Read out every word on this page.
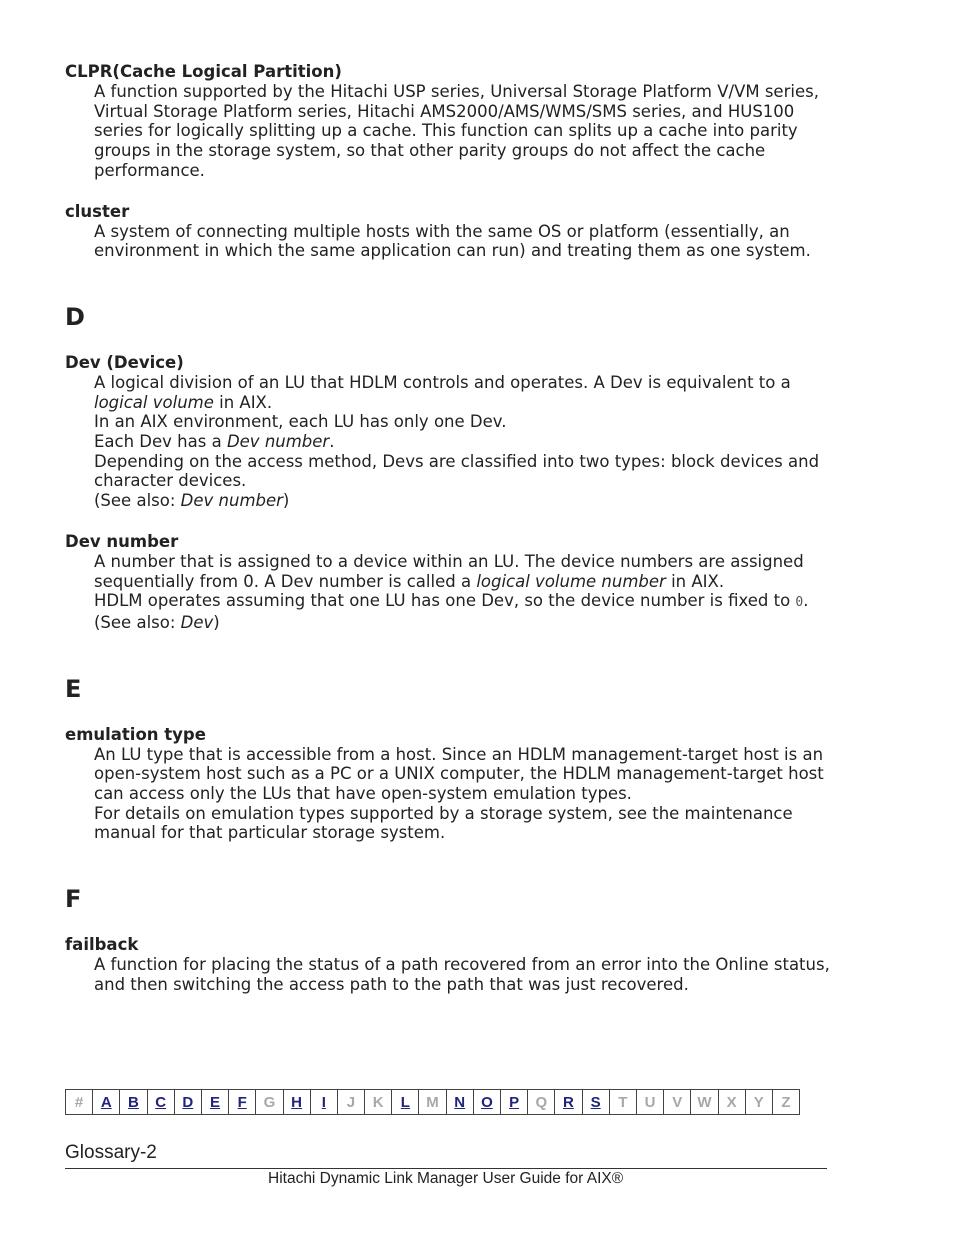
CLPR(Cache Logical Partition)

A function supported by the Hitachi USP series, Universal Storage Platform V/VM series, Virtual Storage Platform series, Hitachi AMS2000/AMS/WMS/SMS series, and HUS100 series for logically splitting up a cache. This function can splits up a cache into parity groups in the storage system, so that other parity groups do not affect the cache performance.

cluster

A system of connecting multiple hosts with the same OS or platform (essentially, an environment in which the same application can run) and treating them as one system.

D

Dev (Device)

A logical division of an LU that HDLM controls and operates. A Dev is equivalent to a logical volume in AIX.

In an AIX environment, each LU has only one Dev.

Each Dev has a Dev number.

Depending on the access method, Devs are classified into two types: block devices and character devices.

(See also: Dev number)

Dev number

A number that is assigned to a device within an LU. The device numbers are assigned sequentially from 0. A Dev number is called a logical volume number in AIX.

HDLM operates assuming that one LU has one Dev, so the device number is fixed to 0.

(See also: Dev)

E

emulation type

An LU type that is accessible from a host. Since an HDLM management-target host is an open-system host such as a PC or a UNIX computer, the HDLM management-target host can access only the LUs that have open-system emulation types.

For details on emulation types supported by a storage system, see the maintenance manual for that particular storage system.

F

failback

A function for placing the status of a path recovered from an error into the Online status, and then switching the access path to the path that was just recovered.

#	A	B	C	D	E	F	G	H	I	J	K	L	M	N	O	P	Q	R	S	T	U	V	W	X	Y	Z
Glossary-2
Hitachi Dynamic Link Manager User Guide for AIX®
